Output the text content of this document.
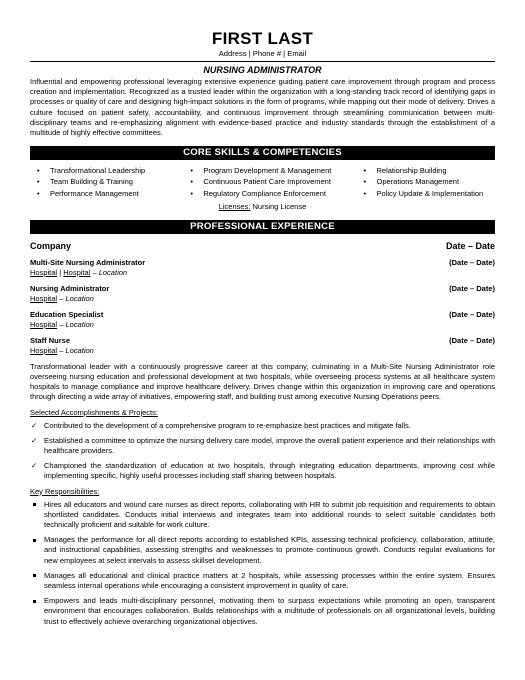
FIRST LAST
Address | Phone # | Email
NURSING ADMINISTRATOR
Influential and empowering professional leveraging extensive experience guiding patient care improvement through program and process creation and implementation. Recognized as a trusted leader within the organization with a long-standing track record of identifying gaps in processes or quality of care and designing high-impact solutions in the form of programs, while mapping out their mode of delivery. Drives a culture focused on patient safety, accountability, and continuous improvement through streamlining communication between multi-disciplinary teams and re-emphasizing alignment with evidence-based practice and industry standards through the establishment of a multitude of highly effective committees.
CORE SKILLS & COMPETENCIES
• Transformational Leadership
• Team Building & Training
• Performance Management
• Program Development & Management
• Continuous Patient Care Improvement
• Regulatory Compliance Enforcement
• Relationship Building
• Operations Management
• Policy Update & Implementation
Licenses: Nursing License
PROFESSIONAL EXPERIENCE
Company	Date – Date
Multi-Site Nursing Administrator	(Date – Date)
Hospital | Hospital – Location
Nursing Administrator	(Date – Date)
Hospital – Location
Education Specialist	(Date – Date)
Hospital – Location
Staff Nurse	(Date – Date)
Hospital – Location
Transformational leader with a continuously progressive career at this company, culminating in a Multi-Site Nursing Administrator role overseeing nursing education and professional development at two hospitals, while overseeing process systems at all healthcare system hospitals to manage compliance and improve healthcare delivery. Drives change within this organization in improving care and operations through directing a wide array of initiatives, empowering staff, and building trust among executive Nursing Operations peers.
Selected Accomplishments & Projects:
✓ Contributed to the development of a comprehensive program to re-emphasize best practices and mitigate falls.
✓ Established a committee to optimize the nursing delivery care model, improve the overall patient experience and their relationships with healthcare providers.
✓ Championed the standardization of education at two hospitals, through integrating education departments, improving cost while implementing specific, highly useful processes including staff sharing between hospitals.
Key Responsibilities:
Hires all educators and wound care nurses as direct reports, collaborating with HR to submit job requisition and requirements to obtain shortlisted candidates. Conducts initial interviews and integrates team into additional rounds to select suitable candidates both technically proficient and suitable for work culture.
Manages the performance for all direct reports according to established KPIs, assessing technical proficiency, collaboration, attitude, and instructional capabilities, assessing strengths and weaknesses to promote continuous growth. Conducts regular evaluations for new employees at select intervals to assess skillset development.
Manages all educational and clinical practice matters at 2 hospitals, while assessing processes within the entire system. Ensures seamless internal operations while encouraging a consistent improvement in quality of care.
Empowers and leads multi-disciplinary personnel, motivating them to surpass expectations while promoting an open, transparent environment that encourages collaboration. Builds relationships with a multitude of professionals on all organizational levels, building trust to effectively achieve overarching organizational objectives.
